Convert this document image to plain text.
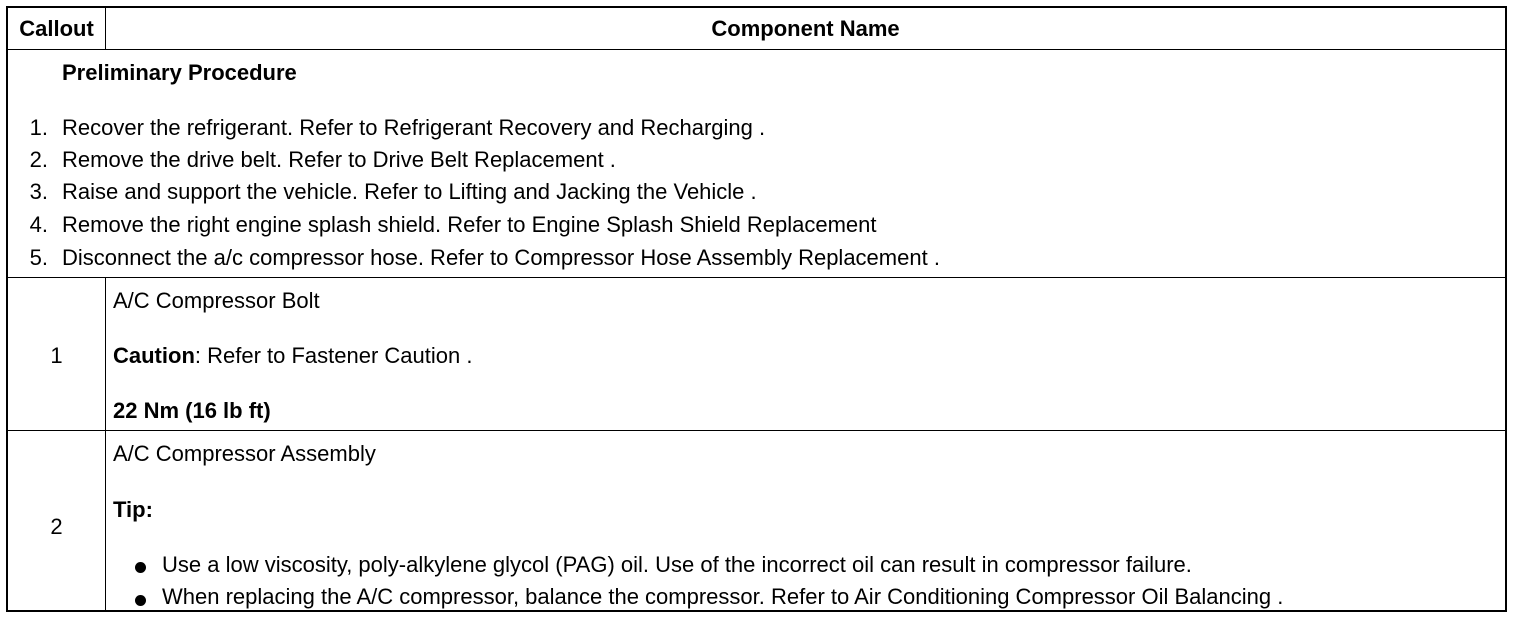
Callout	Component Name
Preliminary Procedure
1. Recover the refrigerant. Refer to Refrigerant Recovery and Recharging .
2. Remove the drive belt. Refer to Drive Belt Replacement .
3. Raise and support the vehicle. Refer to Lifting and Jacking the Vehicle .
4. Remove the right engine splash shield. Refer to Engine Splash Shield Replacement
5. Disconnect the a/c compressor hose. Refer to Compressor Hose Assembly Replacement .
1
A/C Compressor Bolt
Caution: Refer to Fastener Caution .
22 Nm (16 lb ft)
2
A/C Compressor Assembly
Tip:
Use a low viscosity, poly-alkylene glycol (PAG) oil. Use of the incorrect oil can result in compressor failure.
When replacing the A/C compressor, balance the compressor. Refer to Air Conditioning Compressor Oil Balancing .
